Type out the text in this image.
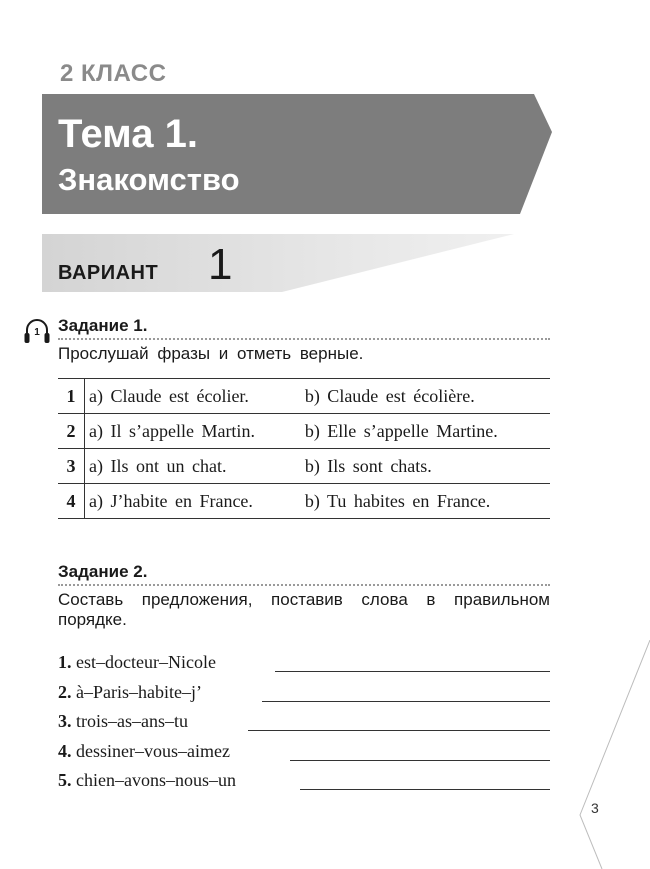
2 КЛАСС
Тема 1.
Знакомство
ВАРИАНТ 1
1 Задание 1.
Прослушай фразы и отметь верные.
1	a) Claude est écolier.	b) Claude est écolière.
2	a) Il s’appelle Martin.	b) Elle s’appelle Martine.
3	a) Ils ont un chat.	b) Ils sont chats.
4	a) J’habite en France.	b) Tu habites en France.
Задание 2.
Составь предложения, поставив слова в правильном порядке.
1. est–docteur–Nicole
2. à–Paris–habite–j’
3. trois–as–ans–tu
4. dessiner–vous–aimez
5. chien–avons–nous–un
3
